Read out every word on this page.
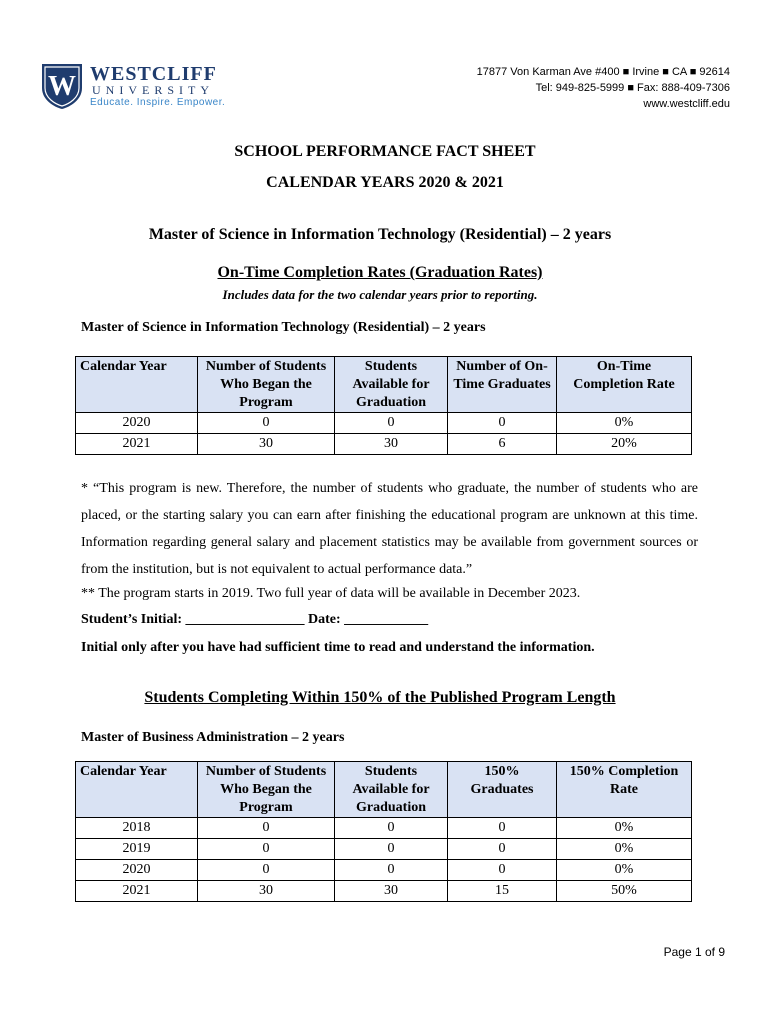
W WESTCLIFF
UNIVERSITY
Educate. Inspire. Empower.
17877 Von Karman Ave #400 ■ Irvine ■ CA ■ 92614
Tel: 949-825-5999 ■ Fax: 888-409-7306
www.westcliff.edu
SCHOOL PERFORMANCE FACT SHEET
CALENDAR YEARS 2020 & 2021
Master of Science in Information Technology (Residential) – 2 years
On-Time Completion Rates (Graduation Rates)
Includes data for the two calendar years prior to reporting.
Master of Science in Information Technology (Residential) – 2 years
Calendar Year	Number of Students Who Began the Program	Students Available for Graduation	Number of On-Time Graduates	On-Time Completion Rate
2020	0	0	0	0%
2021	30	30	6	20%
* “This program is new. Therefore, the number of students who graduate, the number of students who are placed, or the starting salary you can earn after finishing the educational program are unknown at this time. Information regarding general salary and placement statistics may be available from government sources or from the institution, but is not equivalent to actual performance data.”
** The program starts in 2019. Two full year of data will be available in December 2023.
Student’s Initial: _________________ Date: ____________
Initial only after you have had sufficient time to read and understand the information.
Students Completing Within 150% of the Published Program Length
Master of Business Administration – 2 years
Calendar Year	Number of Students Who Began the Program	Students Available for Graduation	150% Graduates	150% Completion Rate
2018	0	0	0	0%
2019	0	0	0	0%
2020	0	0	0	0%
2021	30	30	15	50%
Page 1 of 9
